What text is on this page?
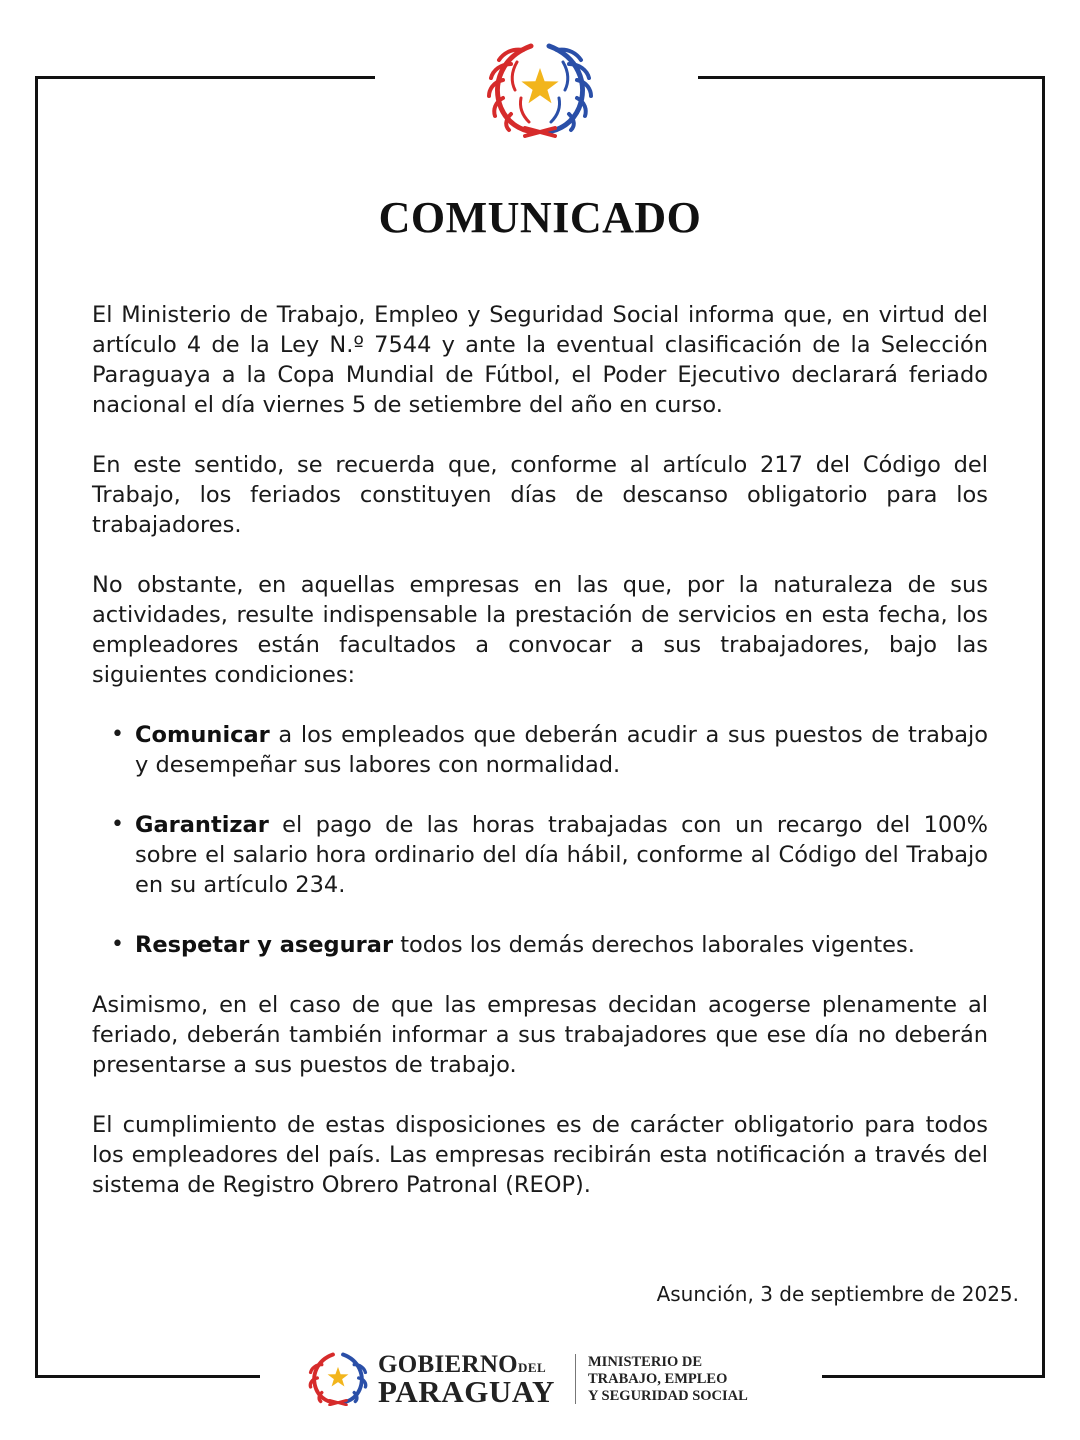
COMUNICADO

El Ministerio de Trabajo, Empleo y Seguridad Social informa que, en virtud del artículo 4 de la Ley N.º 7544 y ante la eventual clasificación de la Selección Paraguaya a la Copa Mundial de Fútbol, el Poder Ejecutivo declarará feriado nacional el día viernes 5 de setiembre del año en curso.

En este sentido, se recuerda que, conforme al artículo 217 del Código del Trabajo, los feriados constituyen días de descanso obligatorio para los trabajadores.

No obstante, en aquellas empresas en las que, por la naturaleza de sus actividades, resulte indispensable la prestación de servicios en esta fecha, los empleadores están facultados a convocar a sus trabajadores, bajo las siguientes condiciones:

• Comunicar a los empleados que deberán acudir a sus puestos de trabajo y desempeñar sus labores con normalidad.
• Garantizar el pago de las horas trabajadas con un recargo del 100% sobre el salario hora ordinario del día hábil, conforme al Código del Trabajo en su artículo 234.
• Respetar y asegurar todos los demás derechos laborales vigentes.

Asimismo, en el caso de que las empresas decidan acogerse plenamente al feriado, deberán también informar a sus trabajadores que ese día no deberán presentarse a sus puestos de trabajo.

El cumplimiento de estas disposiciones es de carácter obligatorio para todos los empleadores del país. Las empresas recibirán esta notificación a través del sistema de Registro Obrero Patronal (REOP).

Asunción, 3 de septiembre de 2025.
GOBIERNODEL
PARAGUAY
MINISTERIO DE
TRABAJO, EMPLEO
Y SEGURIDAD SOCIAL
